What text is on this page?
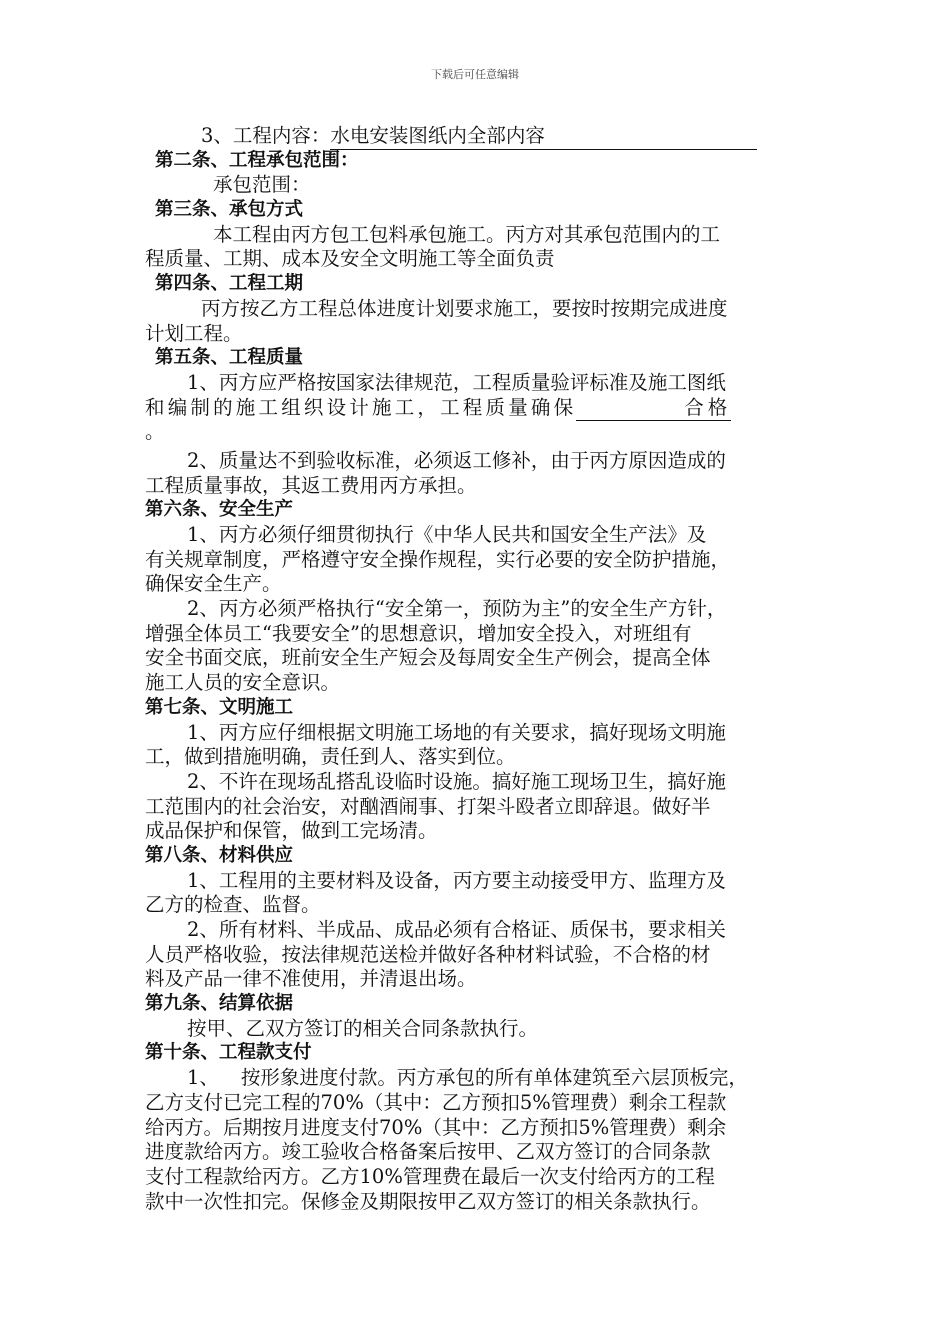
下载后可任意编辑
3、工程内容：水电安装图纸内全部内容
第二条、工程承包范围：
承包范围：
第三条、承包方式
本工程由丙方包工包料承包施工。丙方对其承包范围内的工
程质量、工期、成本及安全文明施工等全面负责
第四条、工程工期
丙方按乙方工程总体进度计划要求施工，要按时按期完成进度
计划工程。
第五条、工程质量
1、丙方应严格按国家法律规范，工程质量验评标准及施工图纸
和编制的施工组织设计施工，工程质量确保	合格
。
2、质量达不到验收标准，必须返工修补，由于丙方原因造成的
工程质量事故，其返工费用丙方承担。
第六条、安全生产
1、丙方必须仔细贯彻执行《中华人民共和国安全生产法》及
有关规章制度，严格遵守安全操作规程，实行必要的安全防护措施，
确保安全生产。
2、丙方必须严格执行“安全第一，预防为主”的安全生产方针，
增强全体员工“我要安全”的思想意识，增加安全投入，对班组有
安全书面交底，班前安全生产短会及每周安全生产例会，提高全体
施工人员的安全意识。
第七条、文明施工
1、丙方应仔细根据文明施工场地的有关要求，搞好现场文明施
工，做到措施明确，责任到人、落实到位。
2、不许在现场乱搭乱设临时设施。搞好施工现场卫生，搞好施
工范围内的社会治安，对酗酒闹事、打架斗殴者立即辞退。做好半
成品保护和保管，做到工完场清。
第八条、材料供应
1、工程用的主要材料及设备，丙方要主动接受甲方、监理方及
乙方的检查、监督。
2、所有材料、半成品、成品必须有合格证、质保书，要求相关
人员严格收验，按法律规范送检并做好各种材料试验，不合格的材
料及产品一律不准使用，并清退出场。
第九条、结算依据
按甲、乙双方签订的相关合同条款执行。
第十条、工程款支付
1、 按形象进度付款。丙方承包的所有单体建筑至六层顶板完，
乙方支付已完工程的70%（其中：乙方预扣5%管理费）剩余工程款
给丙方。后期按月进度支付70%（其中：乙方预扣5%管理费）剩余
进度款给丙方。竣工验收合格备案后按甲、乙双方签订的合同条款
支付工程款给丙方。乙方10%管理费在最后一次支付给丙方的工程
款中一次性扣完。保修金及期限按甲乙双方签订的相关条款执行。
